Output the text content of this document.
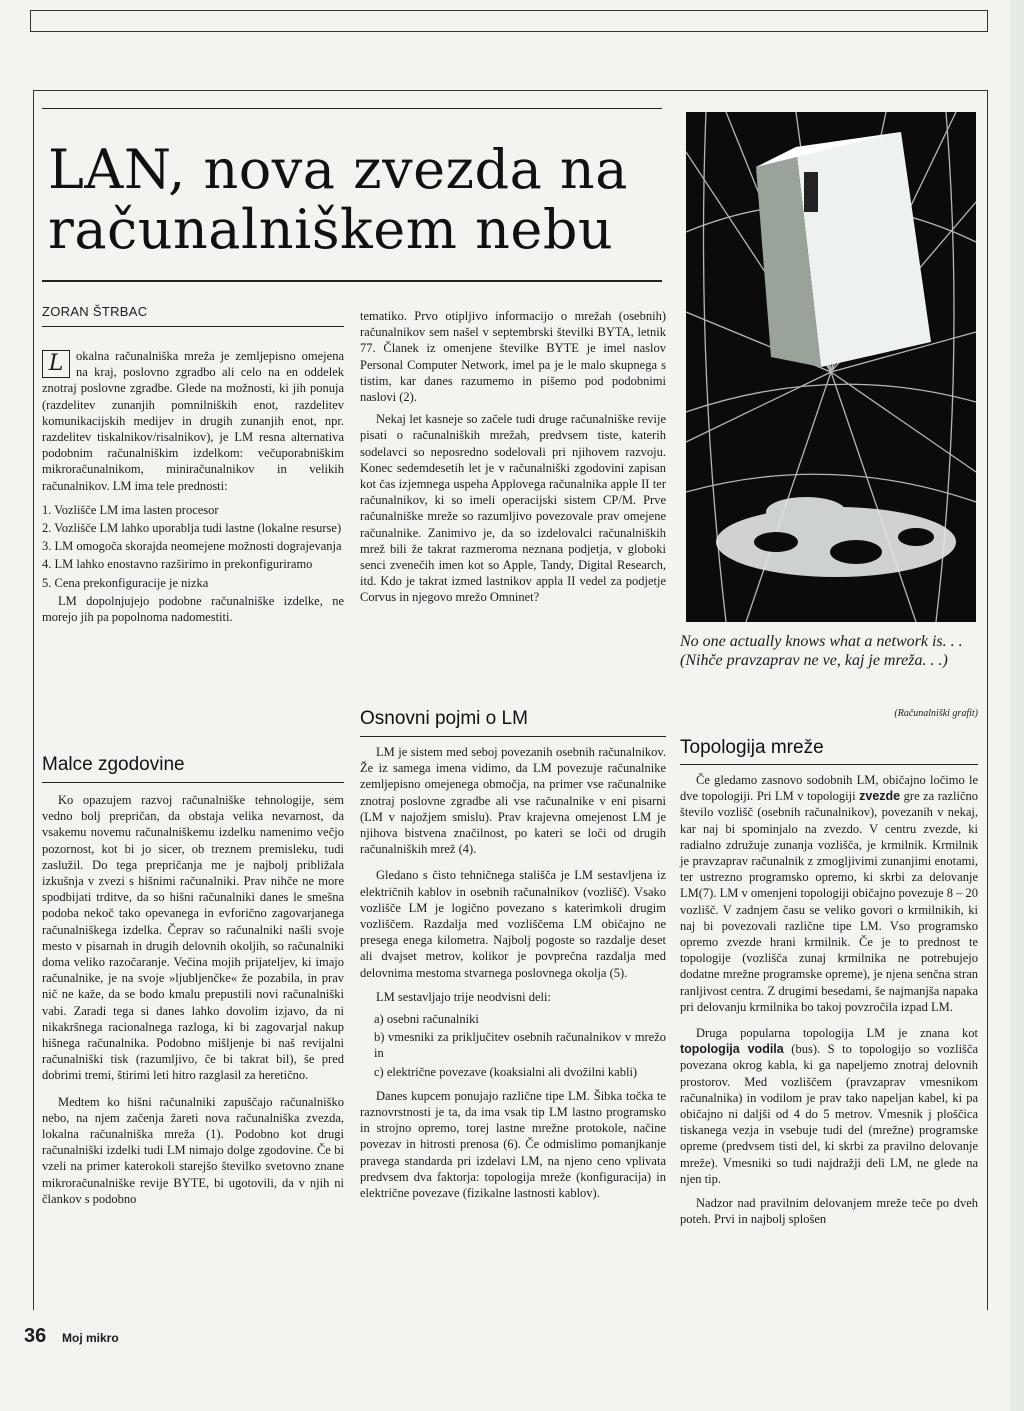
LAN, nova zvezda na računalniškem nebu
ZORAN ŠTRBAC

L	okalna računalniška mreža je zemljepisno omejena na kraj, poslovno zgradbo ali celo na en oddelek znotraj poslovne zgradbe. Glede na možnosti, ki jih ponuja (razdelitev zunanjih pomnilniških enot, razdelitev komunikacijskih medijev in drugih zunanjih enot, npr. razdelitev tiskalnikov/risalnikov), je LM resna alternativa podobnim računalniškim izdelkom: večuporabniškim mikroračunalnikom, miniračunalnikov in velikih računalnikov. LM ima tele prednosti:

1. Vozlišče LM ima lasten procesor
2. Vozlišče LM lahko uporablja tudi lastne (lokalne resurse)
3. LM omogoča skorajda neomejene možnosti dograjevanja
4. LM lahko enostavno razširimo in prekonfiguriramo
5. Cena prekonfiguracije je nizka

LM dopolnjujejo podobne računalniške izdelke, ne morejo jih pa popolnoma nadomestiti.

Malce zgodovine

Ko opazujem razvoj računalniške tehnologije, sem vedno bolj prepričan, da obstaja velika nevarnost, da vsakemu novemu računalniškemu izdelku namenimo večjo pozornost, kot bi jo sicer, ob treznem premisleku, tudi zaslužil. Do tega prepričanja me je najbolj približala izkušnja v zvezi s hišnimi računalniki. Prav nihče ne more spodbijati trditve, da so hišni računalniki danes le smešna podoba nekoč tako opevanega in evforično zagovarjanega računalniškega izdelka. Čeprav so računalniki našli svoje mesto v pisarnah in drugih delovnih okoljih, so računalniki doma veliko razočaranje. Večina mojih prijateljev, ki imajo računalnike, je na svoje »ljubljenčke« že pozabila, in prav nič ne kaže, da se bodo kmalu prepustili novi računalniški vabi. Zaradi tega si danes lahko dovolim izjavo, da ni nikakršnega racionalnega razloga, ki bi zagovarjal nakup hišnega računalnika. Podobno mišljenje bi naš revijalni računalniški tisk (razumljivo, če bi takrat bil), še pred dobrimi tremi, štirimi leti hitro razglasil za heretično.

Medtem ko hišni računalniki zapuščajo računalniško nebo, na njem začenja žareti nova računalniška zvezda, lokalna računalniška mreža (1). Podobno kot drugi računalniški izdelki tudi LM nimajo dolge zgodovine. Če bi vzeli na primer katerokoli starejšo številko svetovno znane mikroračunalniške revije BYTE, bi ugotovili, da v njih ni člankov s podobno

tematiko. Prvo otipljivo informacijo o mrežah (osebnih) računalnikov sem našel v septembrski številki BYTA, letnik 77. Članek iz omenjene številke BYTE je imel naslov Personal Computer Network, imel pa je le malo skupnega s tistim, kar danes razumemo in pišemo pod podobnimi naslovi (2).

Nekaj let kasneje so začele tudi druge računalniške revije pisati o računalniških mrežah, predvsem tiste, katerih sodelavci so neposredno sodelovali pri njihovem razvoju. Konec sedemdesetih let je v računalniški zgodovini zapisan kot čas izjemnega uspeha Applovega računalnika apple II ter računalnikov, ki so imeli operacijski sistem CP/M. Prve računalniške mreže so razumljivo povezovale prav omejene računalnike. Zanimivo je, da so izdelovalci računalniških mrež bili že takrat razmeroma neznana podjetja, v globoki senci zvenečih imen kot so Apple, Tandy, Digital Research, itd. Kdo je takrat izmed lastnikov appla II vedel za podjetje Corvus in njegovo mrežo Omninet?

Osnovni pojmi o LM

LM je sistem med seboj povezanih osebnih računalnikov. Že iz samega imena vidimo, da LM povezuje računalnike zemljepisno omejenega območja, na primer vse računalnike znotraj poslovne zgradbe ali vse računalnike v eni pisarni (LM v najožjem smislu). Prav krajevna omejenost LM je njihova bistvena značilnost, po kateri se loči od drugih računalniških mrež (4).

Gledano s čisto tehničnega stališča je LM sestavljena iz električnih kablov in osebnih računalnikov (vozlišč). Vsako vozlišče LM je logično povezano s katerimkoli drugim vozliščem. Razdalja med vozliščema LM običajno ne presega enega kilometra. Najbolj pogoste so razdalje deset ali dvajset metrov, kolikor je povprečna razdalja med delovnima mestoma stvarnega poslovnega okolja (5).

LM sestavljajo trije neodvisni deli:

a) osebni računalniki
b) vmesniki za priključitev osebnih računalnikov v mrežo in
c) električne povezave (koaksialni ali dvožilni kabli)

Danes kupcem ponujajo različne tipe LM. Šibka točka te raznovrstnosti je ta, da ima vsak tip LM lastno programsko in strojno opremo, torej lastne mrežne protokole, načine povezav in hitrosti prenosa (6). Če odmislimo pomanjkanje pravega standarda pri izdelavi LM, na njeno ceno vplivata predvsem dva faktorja: topologija mreže (konfiguracija) in električne povezave (fizikalne lastnosti kablov).

No one actually knows what a network is. . . (Nihče pravzaprav ne ve, kaj je mreža. . .)
(Računalniški grafit)
Topologija mreže

Če gledamo zasnovo sodobnih LM, običajno ločimo le dve topologiji. Pri LM v topologiji zvezde gre za različno število vozlišč (osebnih računalnikov), povezanih v nekaj, kar naj bi spominjalo na zvezdo. V centru zvezde, ki radialno združuje zunanja vozlišča, je krmilnik. Krmilnik je pravzaprav računalnik z zmogljivimi zunanjimi enotami, ter ustrezno programsko opremo, ki skrbi za delovanje LM(7). LM v omenjeni topologiji običajno povezuje 8 – 20 vozlišč. V zadnjem času se veliko govori o krmilnikih, ki naj bi povezovali različne tipe LM. Vso programsko opremo zvezde hrani krmilnik. Če je to prednost te topologije (vozlišča zunaj krmilnika ne potrebujejo dodatne mrežne programske opreme), je njena senčna stran ranljivost centra. Z drugimi besedami, še najmanjša napaka pri delovanju krmilnika bo takoj povzročila izpad LM.

Druga popularna topologija LM je znana kot topologija vodila (bus). S to topologijo so vozlišča povezana okrog kabla, ki ga napeljemo znotraj delovnih prostorov. Med vozliščem (pravzaprav vmesnikom računalnika) in vodilom je prav tako napeljan kabel, ki pa običajno ni daljši od 4 do 5 metrov. Vmesnik j ploščica tiskanega vezja in vsebuje tudi del (mrežne) programske opreme (predvsem tisti del, ki skrbi za pravilno delovanje mreže). Vmesniki so tudi najdražji deli LM, ne glede na njen tip.

Nadzor nad pravilnim delovanjem mreže teče po dveh poteh. Prvi in najbolj splošen

36 Moj mikro
